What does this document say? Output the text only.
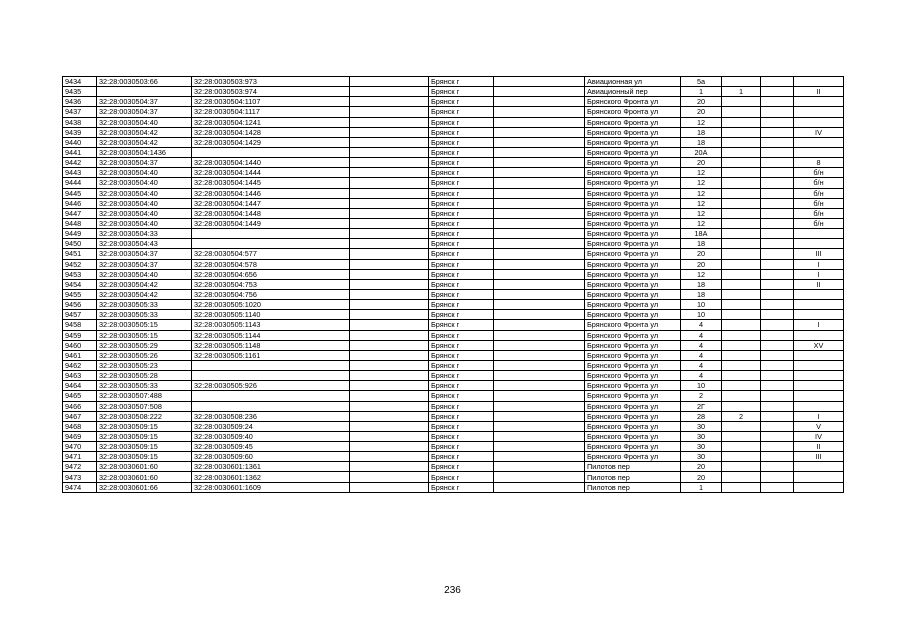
9434	32:28:0030503:66	32:28:0030503:973		Брянск г		Авиационная ул	5а			
9435		32:28:0030503:974		Брянск г		Авиационный пер	1	1		II
9436	32:28:0030504:37	32:28:0030504:1107		Брянск г		Брянского Фронта ул	20			
9437	32:28:0030504:37	32:28:0030504:1117		Брянск г		Брянского Фронта ул	20			
9438	32:28:0030504:40	32:28:0030504:1241		Брянск г		Брянского Фронта ул	12			
9439	32:28:0030504:42	32:28:0030504:1428		Брянск г		Брянского Фронта ул	18			IV
9440	32:28:0030504:42	32:28:0030504:1429		Брянск г		Брянского Фронта ул	18			
9441	32:28:0030504:1436			Брянск г		Брянского Фронта ул	20А			
9442	32:28:0030504:37	32:28:0030504:1440		Брянск г		Брянского Фронта ул	20			8
9443	32:28:0030504:40	32:28:0030504:1444		Брянск г		Брянского Фронта ул	12			б/н
9444	32:28:0030504:40	32:28:0030504:1445		Брянск г		Брянского Фронта ул	12			б/н
9445	32:28:0030504:40	32:28:0030504:1446		Брянск г		Брянского Фронта ул	12			б/н
9446	32:28:0030504:40	32:28:0030504:1447		Брянск г		Брянского Фронта ул	12			б/н
9447	32:28:0030504:40	32:28:0030504:1448		Брянск г		Брянского Фронта ул	12			б/н
9448	32:28:0030504:40	32:28:0030504:1449		Брянск г		Брянского Фронта ул	12			б/н
9449	32:28:0030504:33			Брянск г		Брянского Фронта ул	18А			
9450	32:28:0030504:43			Брянск г		Брянского Фронта ул	18			
9451	32:28:0030504:37	32:28:0030504:577		Брянск г		Брянского Фронта ул	20			III
9452	32:28:0030504:37	32:28:0030504:578		Брянск г		Брянского Фронта ул	20			I
9453	32:28:0030504:40	32:28:0030504:656		Брянск г		Брянского Фронта ул	12			I
9454	32:28:0030504:42	32:28:0030504:753		Брянск г		Брянского Фронта ул	18			II
9455	32:28:0030504:42	32:28:0030504:756		Брянск г		Брянского Фронта ул	18			
9456	32:28:0030505:33	32:28:0030505:1020		Брянск г		Брянского Фронта ул	10			
9457	32:28:0030505:33	32:28:0030505:1140		Брянск г		Брянского Фронта ул	10			
9458	32:28:0030505:15	32:28:0030505:1143		Брянск г		Брянского Фронта ул	4			I
9459	32:28:0030505:15	32:28:0030505:1144		Брянск г		Брянского Фронта ул	4			
9460	32:28:0030505:29	32:28:0030505:1148		Брянск г		Брянского Фронта ул	4			XV
9461	32:28:0030505:26	32:28:0030505:1161		Брянск г		Брянского Фронта ул	4			
9462	32:28:0030505:23			Брянск г		Брянского Фронта ул	4			
9463	32:28:0030505:28			Брянск г		Брянского Фронта ул	4			
9464	32:28:0030505:33	32:28:0030505:926		Брянск г		Брянского Фронта ул	10			
9465	32:28:0030507:488			Брянск г		Брянского Фронта ул	2			
9466	32:28:0030507:508			Брянск г		Брянского Фронта ул	2Г			
9467	32:28:0030508:222	32:28:0030508:236		Брянск г		Брянского Фронта ул	28	2		I
9468	32:28:0030509:15	32:28:0030509:24		Брянск г		Брянского Фронта ул	30			V
9469	32:28:0030509:15	32:28:0030509:40		Брянск г		Брянского Фронта ул	30			IV
9470	32:28:0030509:15	32:28:0030509:45		Брянск г		Брянского Фронта ул	30			II
9471	32:28:0030509:15	32:28:0030509:60		Брянск г		Брянского Фронта ул	30			III
9472	32:28:0030601:60	32:28:0030601:1361		Брянск г		Пилотов пер	20			
9473	32:28:0030601:60	32:28:0030601:1362		Брянск г		Пилотов пер	20			
9474	32:28:0030601:66	32:28:0030601:1609		Брянск г		Пилотов пер	1			
236
